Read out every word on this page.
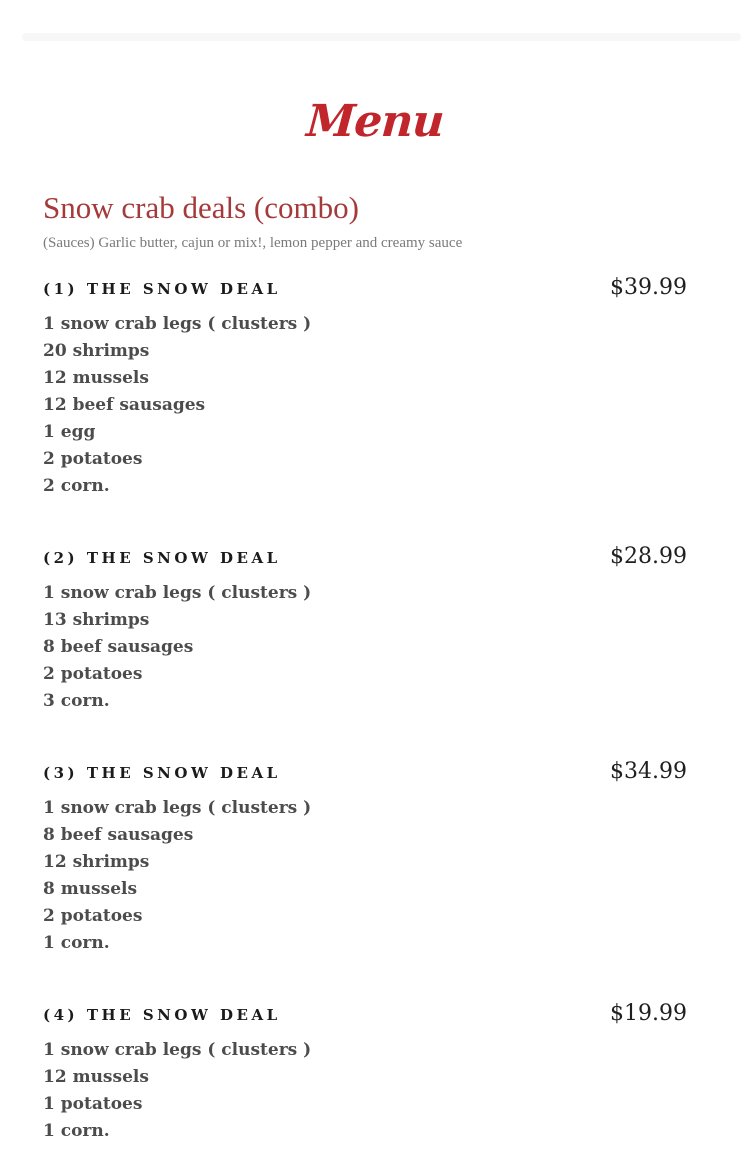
Menu
Snow crab deals (combo)

(Sauces) Garlic butter, cajun or mix!, lemon pepper and creamy sauce

(1) THE SNOW DEAL	$39.99
1 snow crab legs ( clusters )
20 shrimps
12 mussels
12 beef sausages
1 egg
2 potatoes
2 corn.
(2) THE SNOW DEAL	$28.99
1 snow crab legs ( clusters )
13 shrimps
8 beef sausages
2 potatoes
3 corn.
(3) THE SNOW DEAL	$34.99
1 snow crab legs ( clusters )
8 beef sausages
12 shrimps
8 mussels
2 potatoes
1 corn.
(4) THE SNOW DEAL	$19.99
1 snow crab legs ( clusters )
12 mussels
1 potatoes
1 corn.
